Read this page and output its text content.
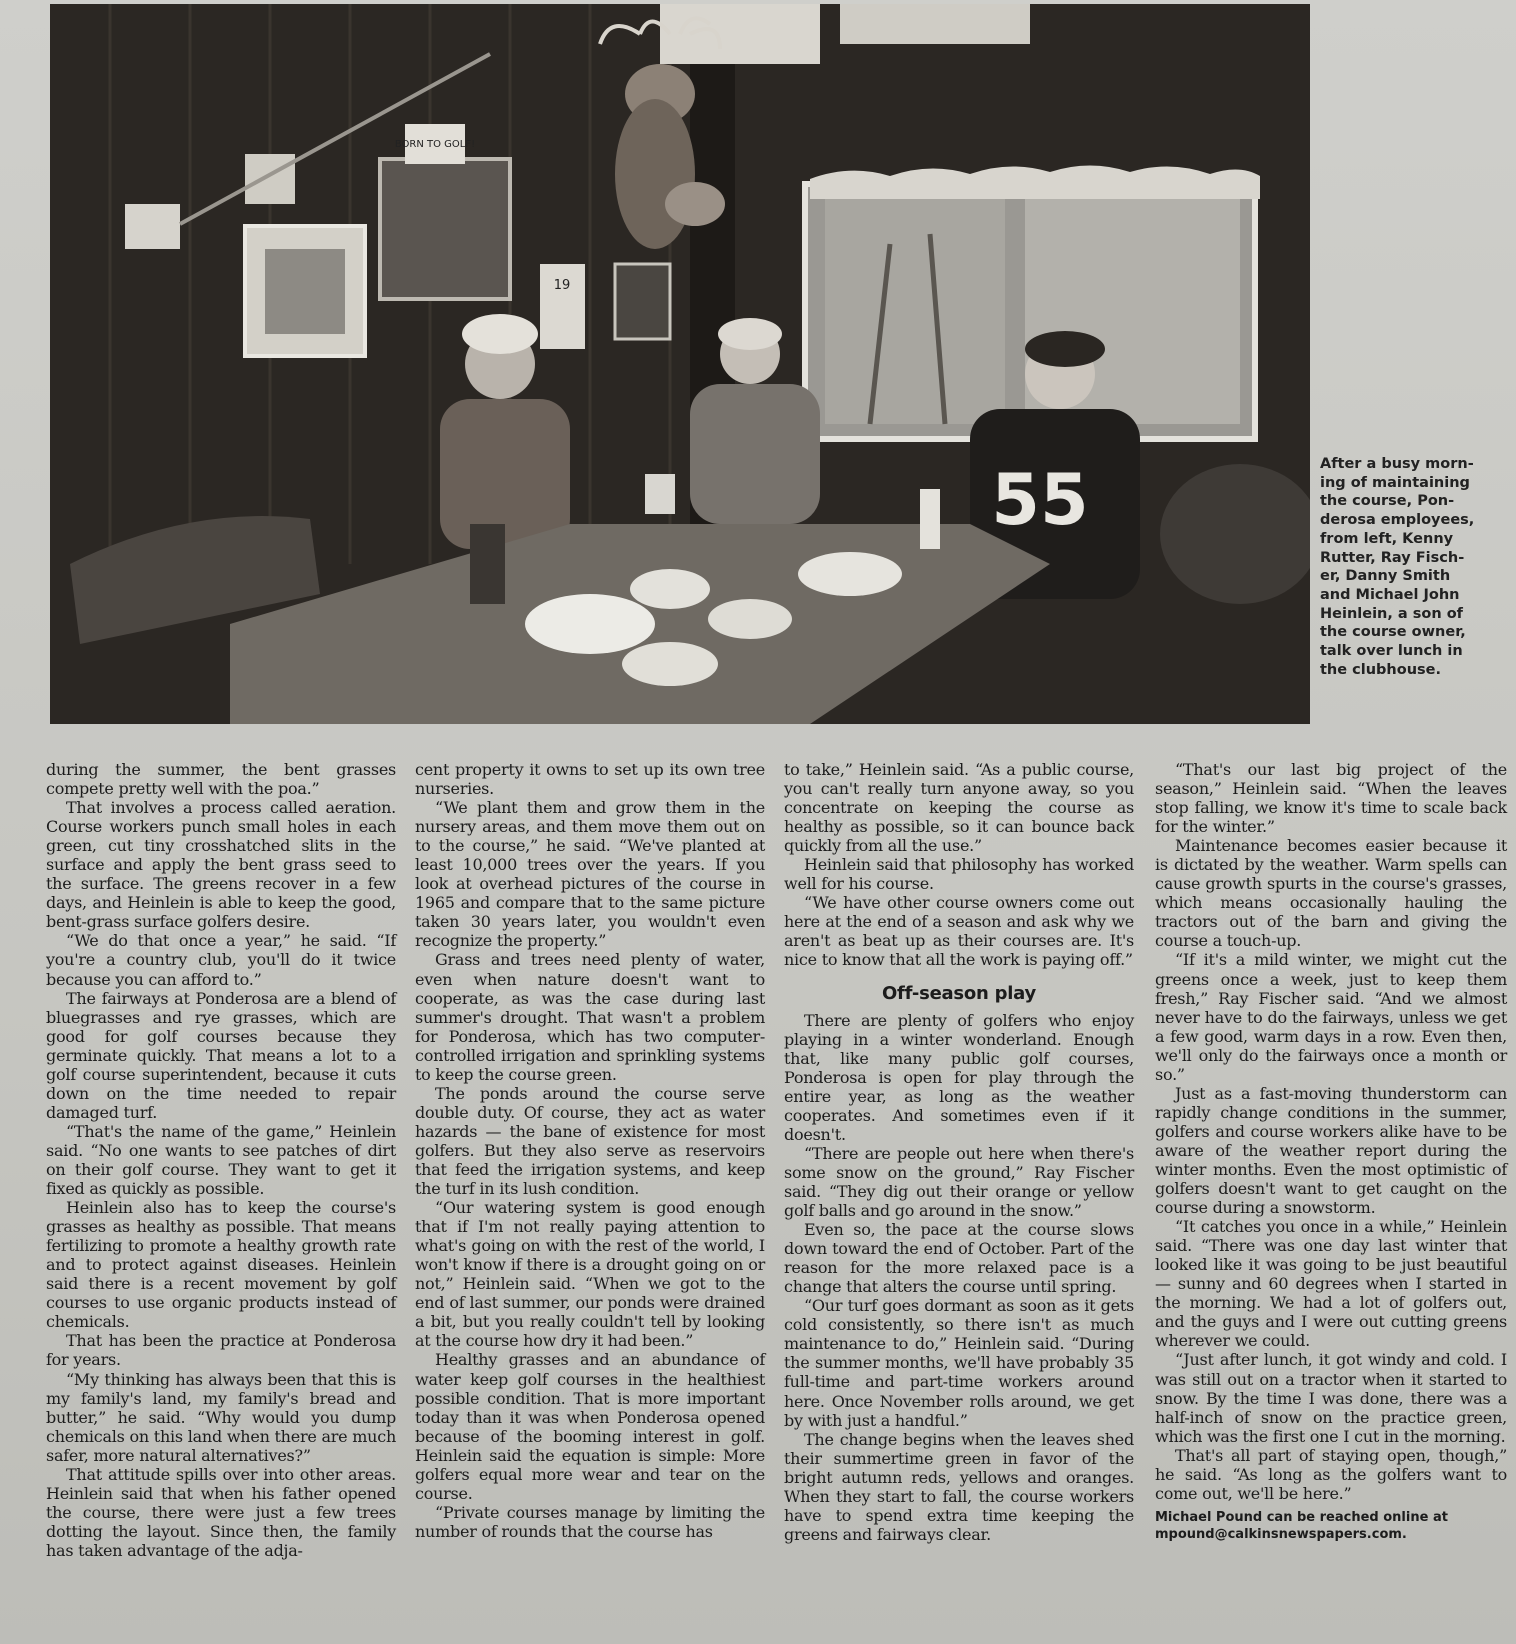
BORN TO GOLF!
19
55	After a busy morn-
ing of maintaining
the course, Pon-
derosa employees,
from left, Kenny
Rutter, Ray Fisch-
er, Danny Smith
and Michael John
Heinlein, a son of
the course owner,
talk over lunch in
the clubhouse.

during the summer, the bent grasses compete pretty well with the poa.”

That involves a process called aeration. Course workers punch small holes in each green, cut tiny crosshatched slits in the surface and apply the bent grass seed to the surface. The greens recover in a few days, and Heinlein is able to keep the good, bent-grass surface golfers desire.

“We do that once a year,” he said. “If you're a country club, you'll do it twice because you can afford to.”

The fairways at Ponderosa are a blend of bluegrasses and rye grasses, which are good for golf courses because they germinate quickly. That means a lot to a golf course superintendent, because it cuts down on the time needed to repair damaged turf.

“That's the name of the game,” Heinlein said. “No one wants to see patches of dirt on their golf course. They want to get it fixed as quickly as possible.

Heinlein also has to keep the course's grasses as healthy as possible. That means fertilizing to promote a healthy growth rate and to protect against diseases. Heinlein said there is a recent movement by golf courses to use organic products instead of chemicals.

That has been the practice at Ponderosa for years.

“My thinking has always been that this is my family's land, my family's bread and butter,” he said. “Why would you dump chemicals on this land when there are much safer, more natural alternatives?”

That attitude spills over into other areas. Heinlein said that when his father opened the course, there were just a few trees dotting the layout. Since then, the family has taken advantage of the adja-

cent property it owns to set up its own tree nurseries.

“We plant them and grow them in the nursery areas, and them move them out on to the course,” he said. “We've planted at least 10,000 trees over the years. If you look at overhead pictures of the course in 1965 and compare that to the same picture taken 30 years later, you wouldn't even recognize the property.”

Grass and trees need plenty of water, even when nature doesn't want to cooperate, as was the case during last summer's drought. That wasn't a problem for Ponderosa, which has two computer-controlled irrigation and sprinkling systems to keep the course green.

The ponds around the course serve double duty. Of course, they act as water hazards — the bane of existence for most golfers. But they also serve as reservoirs that feed the irrigation systems, and keep the turf in its lush condition.

“Our watering system is good enough that if I'm not really paying attention to what's going on with the rest of the world, I won't know if there is a drought going on or not,” Heinlein said. “When we got to the end of last summer, our ponds were drained a bit, but you really couldn't tell by looking at the course how dry it had been.”

Healthy grasses and an abundance of water keep golf courses in the healthiest possible condition. That is more important today than it was when Ponderosa opened because of the booming interest in golf. Heinlein said the equation is simple: More golfers equal more wear and tear on the course.

“Private courses manage by limiting the number of rounds that the course has

to take,” Heinlein said. “As a public course, you can't really turn anyone away, so you concentrate on keeping the course as healthy as possible, so it can bounce back quickly from all the use.”

Heinlein said that philosophy has worked well for his course.

“We have other course owners come out here at the end of a season and ask why we aren't as beat up as their courses are. It's nice to know that all the work is paying off.”

Off-season play

There are plenty of golfers who enjoy playing in a winter wonderland. Enough that, like many public golf courses, Ponderosa is open for play through the entire year, as long as the weather cooperates. And sometimes even if it doesn't.

“There are people out here when there's some snow on the ground,” Ray Fischer said. “They dig out their orange or yellow golf balls and go around in the snow.”

Even so, the pace at the course slows down toward the end of October. Part of the reason for the more relaxed pace is a change that alters the course until spring.

“Our turf goes dormant as soon as it gets cold consistently, so there isn't as much maintenance to do,” Heinlein said. “During the summer months, we'll have probably 35 full-time and part-time workers around here. Once November rolls around, we get by with just a handful.”

The change begins when the leaves shed their summertime green in favor of the bright autumn reds, yellows and oranges. When they start to fall, the course workers have to spend extra time keeping the greens and fairways clear.

“That's our last big project of the season,” Heinlein said. “When the leaves stop falling, we know it's time to scale back for the winter.”

Maintenance becomes easier because it is dictated by the weather. Warm spells can cause growth spurts in the course's grasses, which means occasionally hauling the tractors out of the barn and giving the course a touch-up.

“If it's a mild winter, we might cut the greens once a week, just to keep them fresh,” Ray Fischer said. “And we almost never have to do the fairways, unless we get a few good, warm days in a row. Even then, we'll only do the fairways once a month or so.”

Just as a fast-moving thunderstorm can rapidly change conditions in the summer, golfers and course workers alike have to be aware of the weather report during the winter months. Even the most optimistic of golfers doesn't want to get caught on the course during a snowstorm.

“It catches you once in a while,” Heinlein said. “There was one day last winter that looked like it was going to be just beautiful — sunny and 60 degrees when I started in the morning. We had a lot of golfers out, and the guys and I were out cutting greens wherever we could.

“Just after lunch, it got windy and cold. I was still out on a tractor when it started to snow. By the time I was done, there was a half-inch of snow on the practice green, which was the first one I cut in the morning.

That's all part of staying open, though,” he said. “As long as the golfers want to come out, we'll be here.”

Michael Pound can be reached online at
mpound@calkinsnewspapers.com.
